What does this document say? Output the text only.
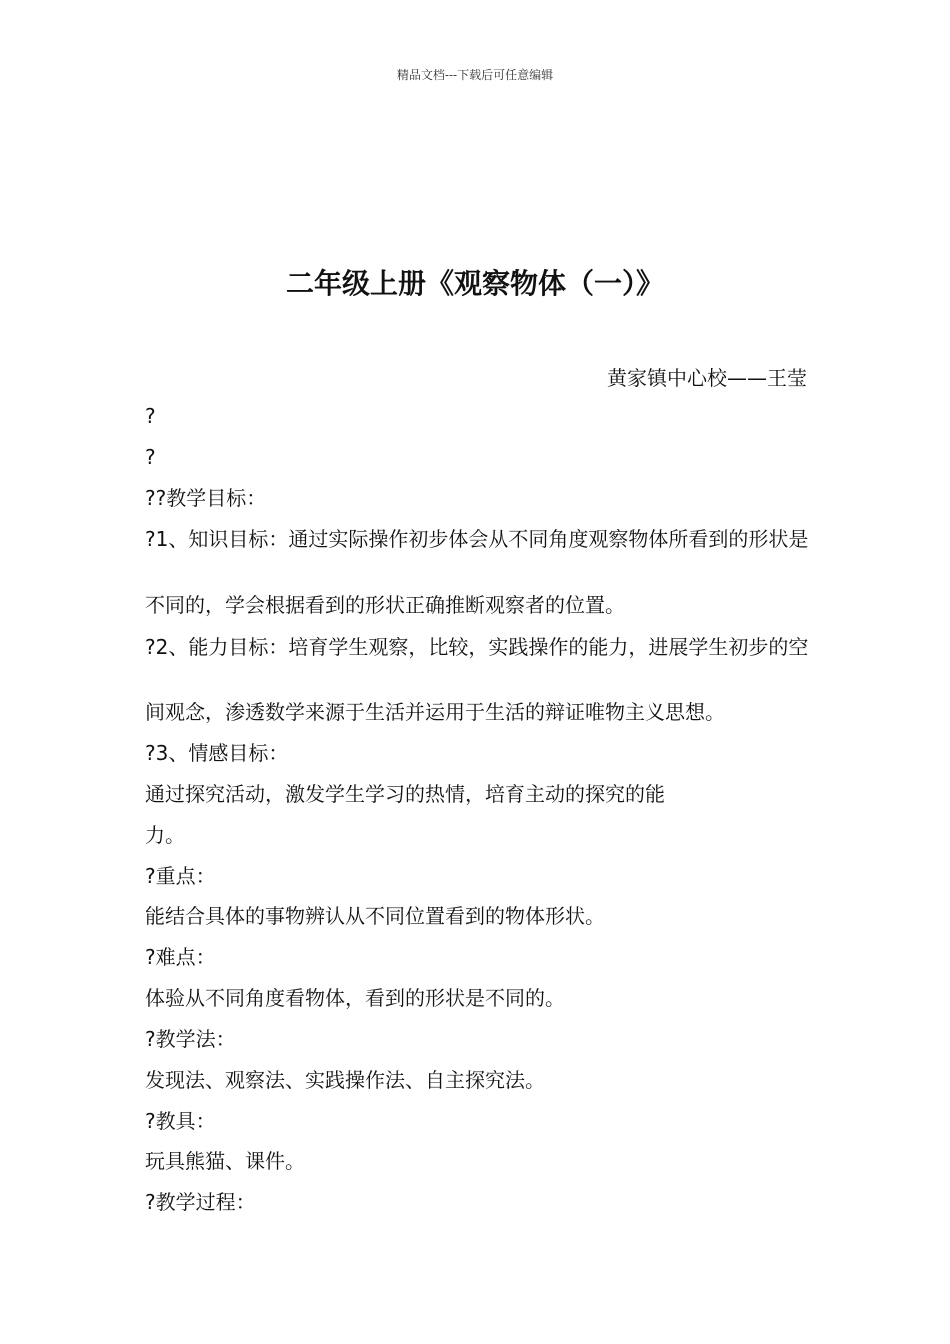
精品文档---下载后可任意编辑
二年级上册《观察物体（一）》
黄家镇中心校——王莹
?
?
??教学目标：
?1、知识目标：通过实际操作初步体会从不同角度观察物体所看到的形状是
不同的，学会根据看到的形状正确推断观察者的位置。
?2、能力目标：培育学生观察，比较，实践操作的能力，进展学生初步的空
间观念，渗透数学来源于生活并运用于生活的辩证唯物主义思想。
?3、情感目标：
通过探究活动，激发学生学习的热情，培育主动的探究的能
力。
?重点：
能结合具体的事物辨认从不同位置看到的物体形状。
?难点：
体验从不同角度看物体，看到的形状是不同的。
?教学法：
发现法、观察法、实践操作法、自主探究法。
?教具：
玩具熊猫、课件。
?教学过程：
